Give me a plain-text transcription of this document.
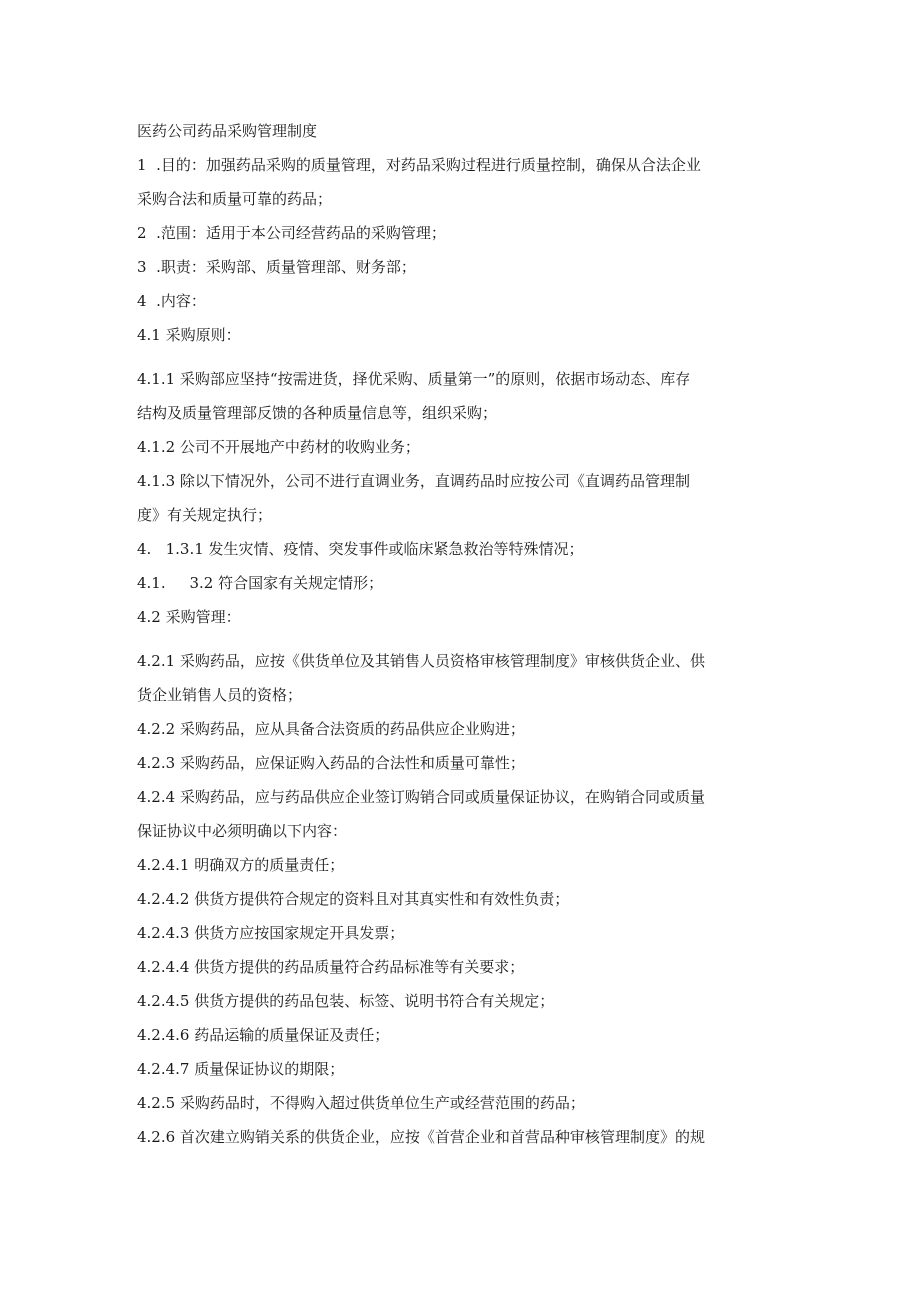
医药公司药品采购管理制度
1  .目的：加强药品采购的质量管理，对药品采购过程进行质量控制，确保从合法企业
采购合法和质量可靠的药品；
2  .范围：适用于本公司经营药品的采购管理；
3  .职责：采购部、质量管理部、财务部；
4  .内容：
4.1 采购原则：
4.1.1 采购部应坚持“按需进货，择优采购、质量第一”的原则，依据市场动态、库存
结构及质量管理部反馈的各种质量信息等，组织采购；
4.1.2 公司不开展地产中药材的收购业务；
4.1.3 除以下情况外，公司不进行直调业务，直调药品时应按公司《直调药品管理制
度》有关规定执行；
4.   1.3.1 发生灾情、疫情、突发事件或临床紧急救治等特殊情况；
4.1.     3.2 符合国家有关规定情形；
4.2 采购管理：
4.2.1 采购药品，应按《供货单位及其销售人员资格审核管理制度》审核供货企业、供
货企业销售人员的资格；
4.2.2 采购药品，应从具备合法资质的药品供应企业购进；
4.2.3 采购药品，应保证购入药品的合法性和质量可靠性；
4.2.4 采购药品，应与药品供应企业签订购销合同或质量保证协议，在购销合同或质量
保证协议中必须明确以下内容：
4.2.4.1 明确双方的质量责任；
4.2.4.2 供货方提供符合规定的资料且对其真实性和有效性负责；
4.2.4.3 供货方应按国家规定开具发票；
4.2.4.4 供货方提供的药品质量符合药品标准等有关要求；
4.2.4.5 供货方提供的药品包装、标签、说明书符合有关规定；
4.2.4.6 药品运输的质量保证及责任；
4.2.4.7 质量保证协议的期限；
4.2.5 采购药品时，不得购入超过供货单位生产或经营范围的药品；
4.2.6 首次建立购销关系的供货企业，应按《首营企业和首营品种审核管理制度》的规
